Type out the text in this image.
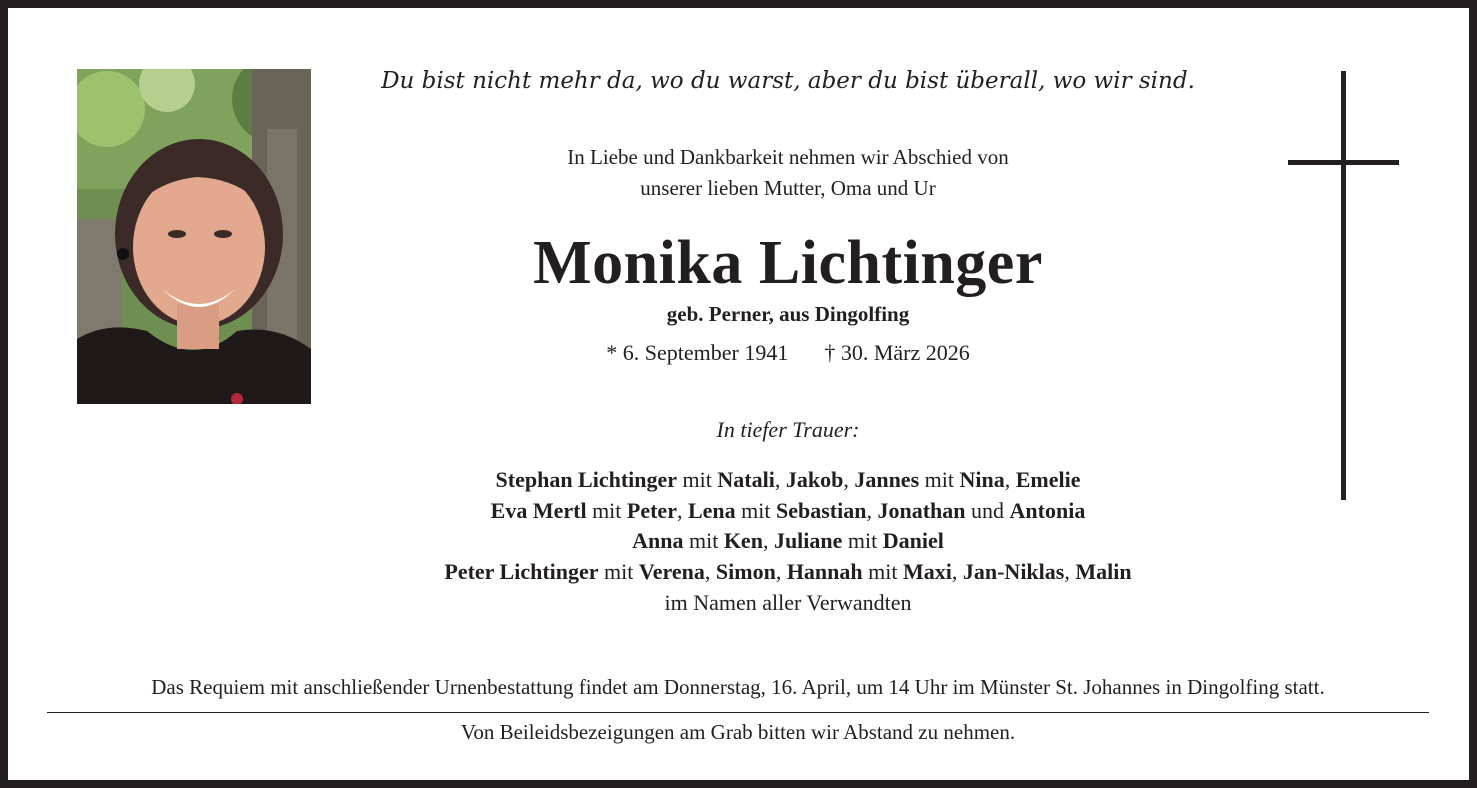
Du bist nicht mehr da, wo du warst, aber du bist überall, wo wir sind.
In Liebe und Dankbarkeit nehmen wir Abschied von
unserer lieben Mutter, Oma und Ur
Monika Lichtinger
geb. Perner, aus Dingolfing
* 6. September 1941 † 30. März 2026
In tiefer Trauer:
Stephan Lichtinger mit Natali, Jakob, Jannes mit Nina, Emelie
Eva Mertl mit Peter, Lena mit Sebastian, Jonathan und Antonia
Anna mit Ken, Juliane mit Daniel
Peter Lichtinger mit Verena, Simon, Hannah mit Maxi, Jan-Niklas, Malin
im Namen aller Verwandten
Das Requiem mit anschließender Urnenbestattung findet am Donnerstag, 16. April, um 14 Uhr im Münster St. Johannes in Dingolfing statt.
Von Beileidsbezeigungen am Grab bitten wir Abstand zu nehmen.
